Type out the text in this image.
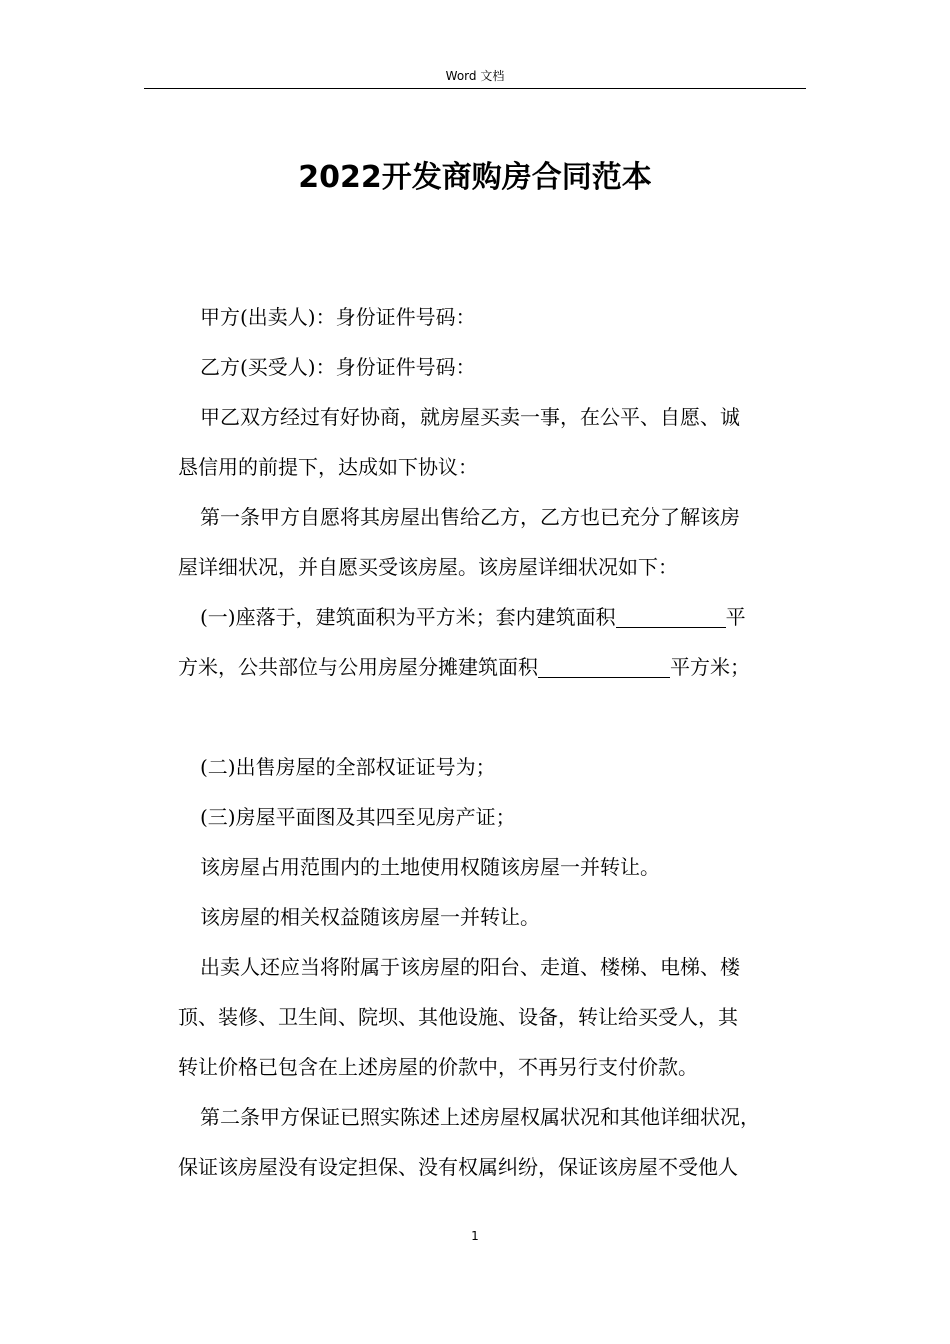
Word 文档
2022开发商购房合同范本

甲方(出卖人)：身份证件号码：

乙方(买受人)：身份证件号码：

甲乙双方经过有好协商，就房屋买卖一事，在公平、自愿、诚

恳信用的前提下，达成如下协议：

第一条甲方自愿将其房屋出售给乙方，乙方也已充分了解该房

屋详细状况，并自愿买受该房屋。该房屋详细状况如下：

(一)座落于，建筑面积为平方米；套内建筑面积	平

方米，公共部位与公用房屋分摊建筑面积	平方米；

(二)出售房屋的全部权证证号为；

(三)房屋平面图及其四至见房产证；

该房屋占用范围内的土地使用权随该房屋一并转让。

该房屋的相关权益随该房屋一并转让。

出卖人还应当将附属于该房屋的阳台、走道、楼梯、电梯、楼

顶、装修、卫生间、院坝、其他设施、设备，转让给买受人，其

转让价格已包含在上述房屋的价款中，不再另行支付价款。

第二条甲方保证已照实陈述上述房屋权属状况和其他详细状况，

保证该房屋没有设定担保、没有权属纠纷，保证该房屋不受他人

1
